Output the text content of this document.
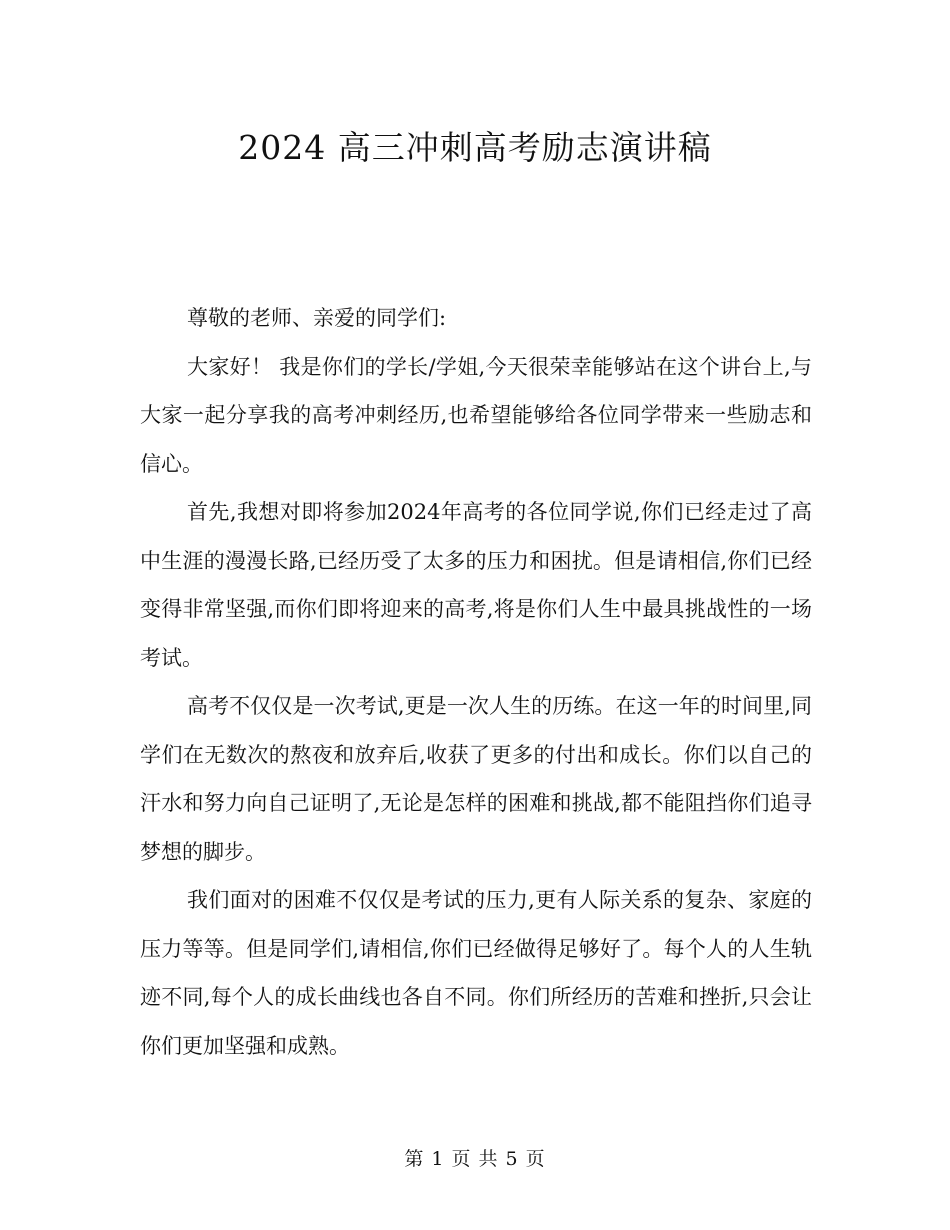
2024 高三冲刺高考励志演讲稿

尊敬的老师、亲爱的同学们:

大家好！ 我是你们的学长/学姐,今天很荣幸能够站在这个讲台上,与大家一起分享我的高考冲刺经历,也希望能够给各位同学带来一些励志和信心。

首先,我想对即将参加2024年高考的各位同学说,你们已经走过了高中生涯的漫漫长路,已经历受了太多的压力和困扰。但是请相信,你们已经变得非常坚强,而你们即将迎来的高考,将是你们人生中最具挑战性的一场考试。

高考不仅仅是一次考试,更是一次人生的历练。在这一年的时间里,同学们在无数次的熬夜和放弃后,收获了更多的付出和成长。你们以自己的汗水和努力向自己证明了,无论是怎样的困难和挑战,都不能阻挡你们追寻梦想的脚步。

我们面对的困难不仅仅是考试的压力,更有人际关系的复杂、家庭的压力等等。但是同学们,请相信,你们已经做得足够好了。每个人的人生轨迹不同,每个人的成长曲线也各自不同。你们所经历的苦难和挫折,只会让你们更加坚强和成熟。

第 1 页 共 5 页
